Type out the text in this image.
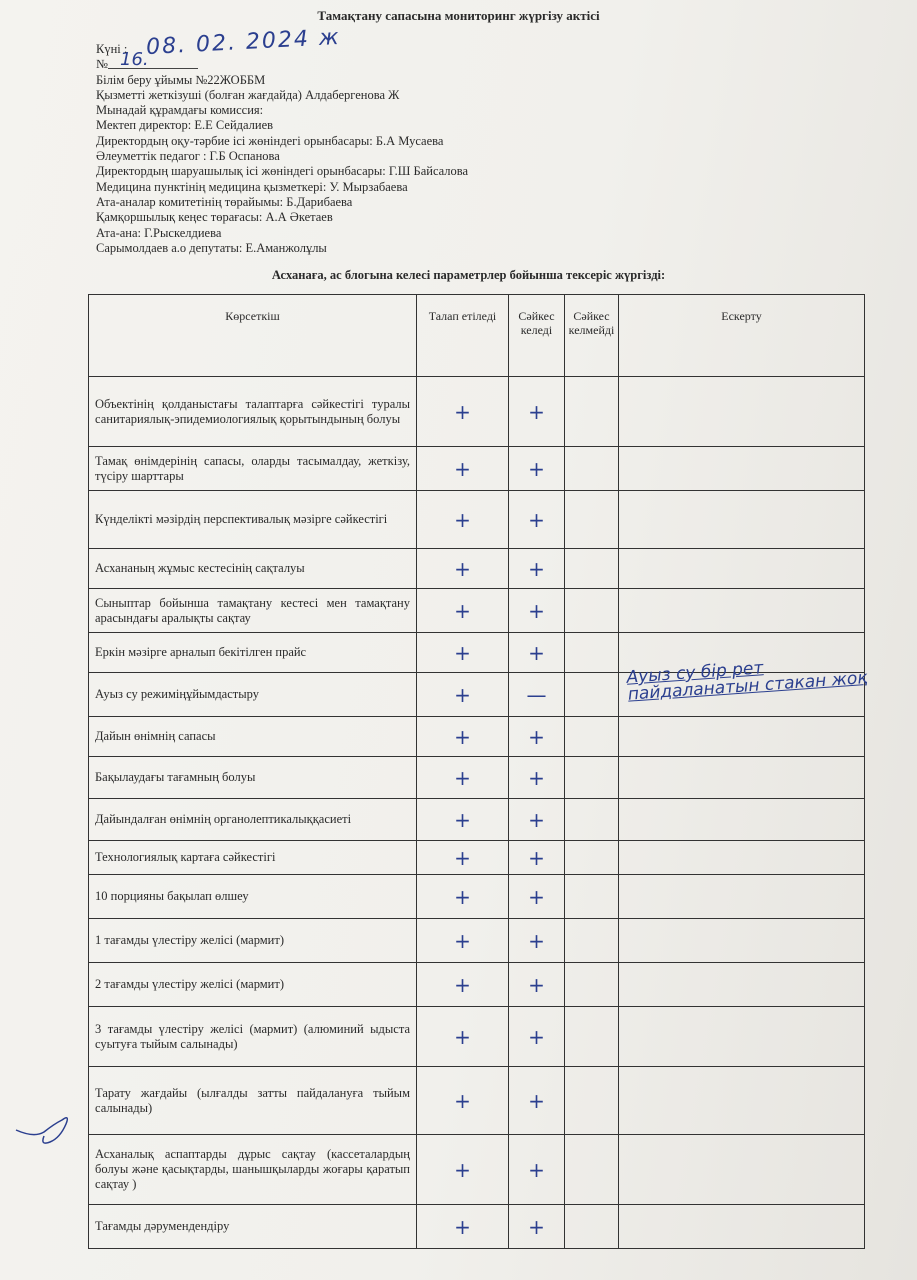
Тамақтану сапасына мониторинг жүргізу актісі
08. 02. 2024 ж
16.
Күні :
№
Білім беру ұйымы №22ЖОББМ
Қызметті жеткізуші (болған жағдайда) Алдабергенова Ж
Мынадай құрамдағы комиссия:
Мектеп директор: Е.Е Сейдалиев
Директордың оқу-тәрбие ісі жөніндегі орынбасары: Б.А Мусаева
Әлеуметтік педагог : Г.Б Оспанова
Директордың шаруашылық ісі жөніндегі орынбасары: Г.Ш Байсалова
Медицина пунктінің медицина қызметкері: У. Мырзабаева
Ата-аналар комитетінің төрайымы: Б.Дарибаева
Қамқоршылық кеңес төрағасы: А.А Әкетаев
Ата-ана: Г.Рыскелдиева
Сарымолдаев а.о депутаты: Е.Аманжолұлы
Асханаға, ас блогына келесі параметрлер бойынша тексеріс жүргізді:
Көрсеткіш	Талап етіледі	Сәйкес келеді	Сәйкес келмейді	Ескерту
Объектінің қолданыстағы талаптарға сәйкестігі туралы санитариялық-эпидемиологиялық қорытындының болуы	+	+		

Тамақ өнімдерінің сапасы, оларды тасымалдау, жеткізу, түсіру шарттары	+	+		

Күнделікті мәзірдің перспективалық мәзірге сәйкестігі	+	+		

Асхананың жұмыс кестесінің сақталуы	+	+		

Сыныптар бойынша тамақтану кестесі мен тамақтану арасындағы аралықты сақтау	+	+		

Еркін мәзірге арналып бекітілген прайс	+	+		

Ауыз су режиміңұйымдастыру	+	—		Ауыз су бір рет пайдаланатын стакан жоқ

Дайын өнімнің сапасы	+	+		

Бақылаудағы тағамның болуы	+	+		

Дайындалған өнімнің органолептикалыққасиеті	+	+		

Технологиялық картаға сәйкестігі	+	+		

10 порцияны бақылап өлшеу	+	+		

1 тағамды үлестіру желісі (мармит)	+	+		

2 тағамды үлестіру желісі (мармит)	+	+		

3 тағамды үлестіру желісі (мармит) (алюминий ыдыста суытуға тыйым салынады)	+	+		

Тарату жағдайы (ылғалды затты пайдалануға тыйым салынады)	+	+		

Асханалық аспаптарды дұрыс сақтау (кассеталардың болуы және қасықтарды, шанышқыларды жоғары қаратып сақтау )	+	+		

Тағамды дәрумендендіру	+	+		
